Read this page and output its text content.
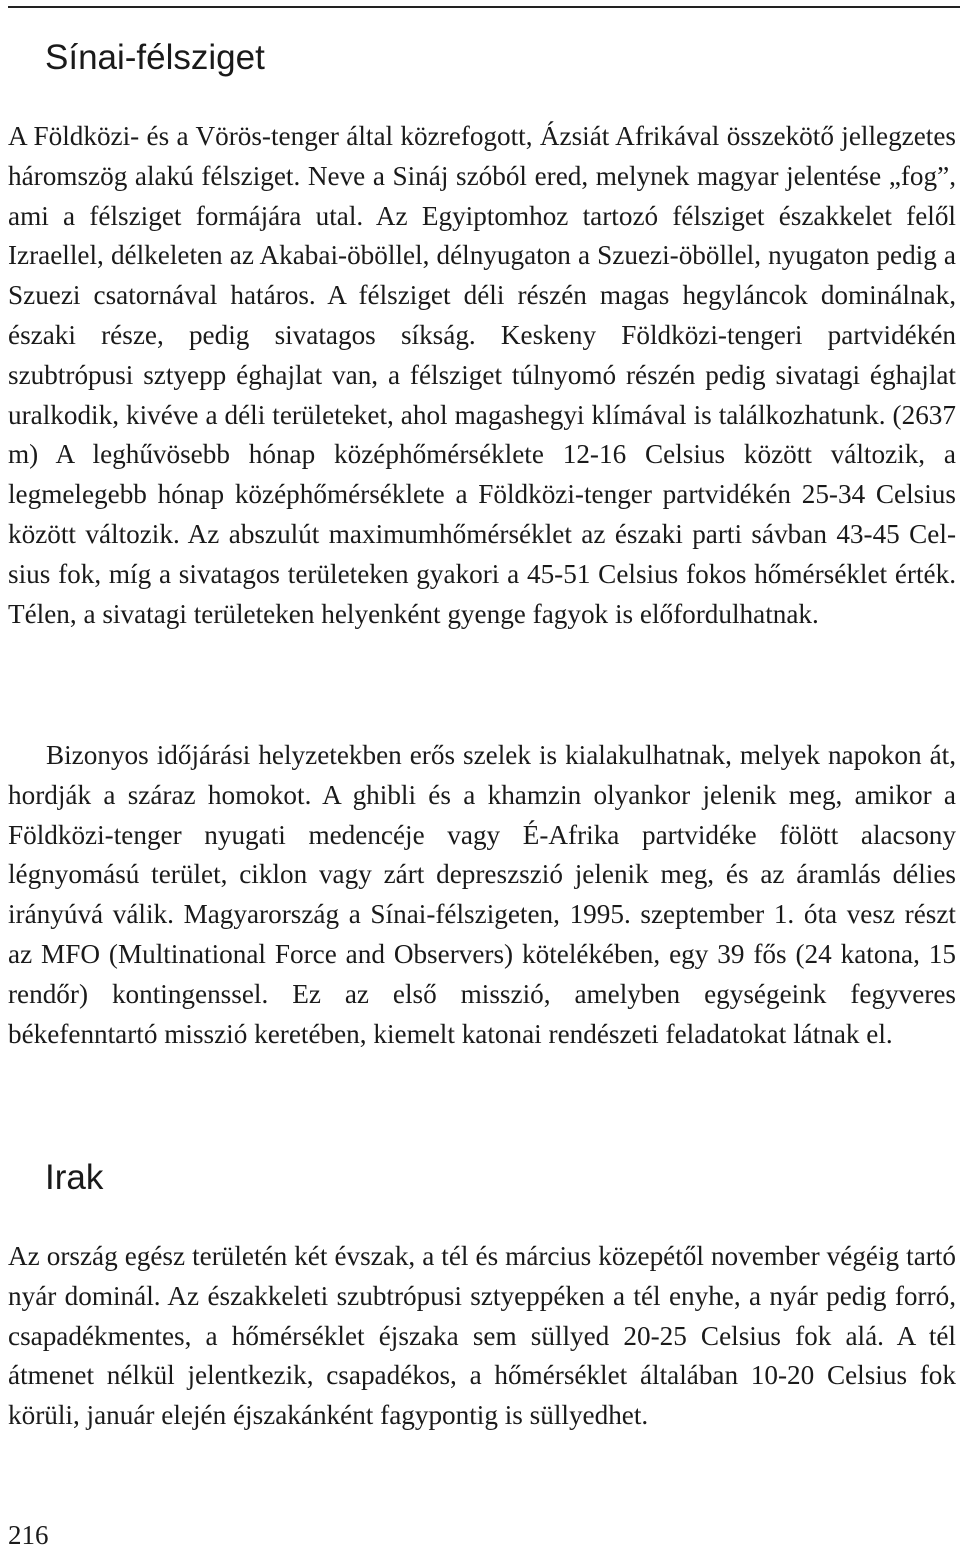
Sínai-félsziget

A Földközi- és a Vörös-tenger által közrefogott, Ázsiát Afrikával összekötő jellegzetes háromszög alakú félsziget. Neve a Sináj szóból ered, melynek magyar jelentése „fog”, ami a félsziget formájára utal. Az Egyiptomhoz tartozó félsziget északkelet felől Izraellel, délkeleten az Akabai-öböllel, délnyugaton a Szuezi-öböllel, nyugaton pedig a Szuezi csatornával határos. A félsziget déli részén magas hegyláncok dominálnak, északi része, pedig sivatagos síkság. Keskeny Földközi-tengeri partvidékén szubtrópusi sztyepp éghajlat van, a félsziget túlnyomó részén pedig sivatagi éghajlat uralkodik, kivéve a déli területeket, ahol magashegyi klímával is találkozhatunk. (2637 m) A leghűvösebb hónap középhőmérséklete 12-16 Celsius között változik, a legmelegebb hónap középhőmérséklete a Földközi-tenger partvidékén 25-34 Celsius között változik. Az abszulút maximumhőmérséklet az északi parti sávban 43-45 Celsius fok, míg a sivatagos területeken gyakori a 45-51 Celsius fokos hőmérséklet érték. Télen, a sivatagi területeken helyenként gyenge fagyok is előfordulhatnak.

Bizonyos időjárási helyzetekben erős szelek is kialakulhatnak, melyek napokon át, hordják a száraz homokot. A ghibli és a khamzin olyankor jelenik meg, amikor a Földközi-tenger nyugati medencéje vagy É-Afrika partvidéke fölött alacsony légnyomású terület, ciklon vagy zárt depreszszió jelenik meg, és az áramlás délies irányúvá válik. Magyarország a Sínai-félszigeten, 1995. szeptember 1. óta vesz részt az MFO (Multinational Force and Observers) kötelékében, egy 39 fős (24 katona, 15 rendőr) kontingenssel. Ez az első misszió, amelyben egységeink fegyveres békefenntartó misszió keretében, kiemelt katonai rendészeti feladatokat látnak el.

Irak

Az ország egész területén két évszak, a tél és március közepétől november végéig tartó nyár dominál. Az északkeleti szubtrópusi sztyeppéken a tél enyhe, a nyár pedig forró, csapadékmentes, a hőmérséklet éjszaka sem süllyed 20-25 Celsius fok alá. A tél átmenet nélkül jelentkezik, csapadékos, a hőmérséklet általában 10-20 Celsius fok körüli, január elején éjszakánként fagypontig is süllyedhet.

216
